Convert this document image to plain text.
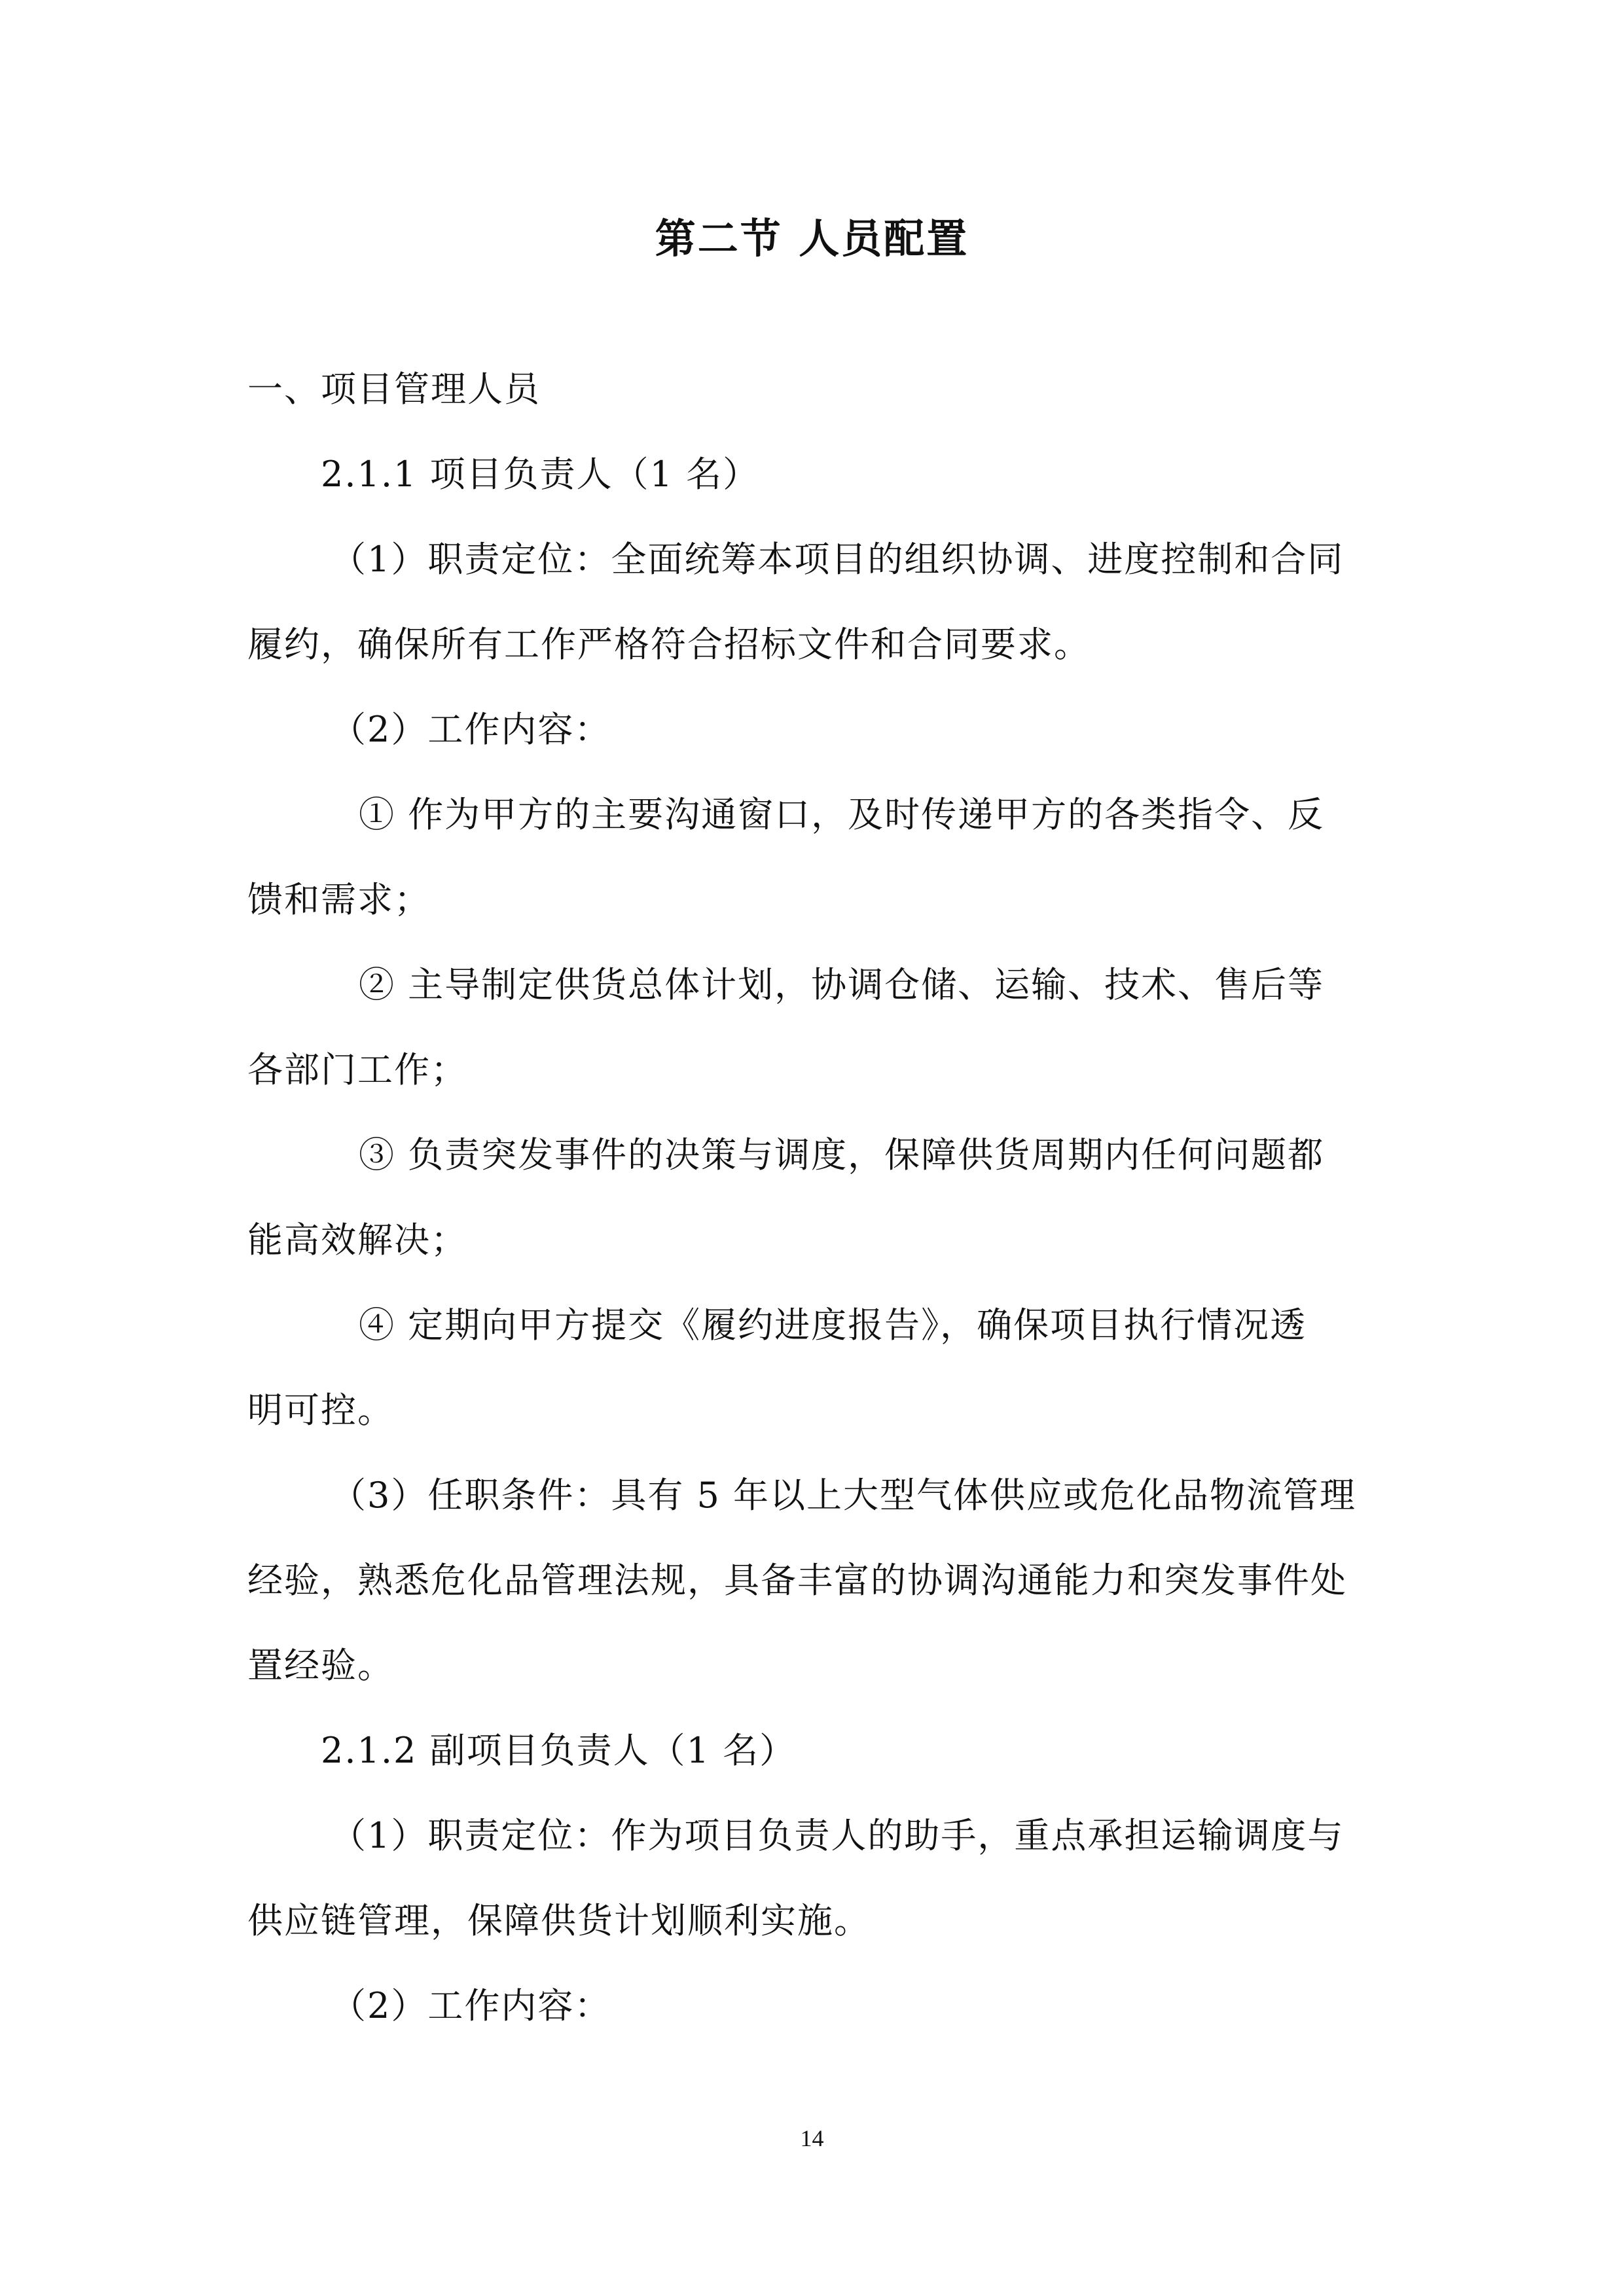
第二节 人员配置
一、项目管理人员
2.1.1 项目负责人（1 名）
（1）职责定位：全面统筹本项目的组织协调、进度控制和合同
履约，确保所有工作严格符合招标文件和合同要求。
（2）工作内容：
① 作为甲方的主要沟通窗口，及时传递甲方的各类指令、反
馈和需求；
② 主导制定供货总体计划，协调仓储、运输、技术、售后等
各部门工作；
③ 负责突发事件的决策与调度，保障供货周期内任何问题都
能高效解决；
④ 定期向甲方提交《履约进度报告》，确保项目执行情况透
明可控。
（3）任职条件：具有 5 年以上大型气体供应或危化品物流管理
经验，熟悉危化品管理法规，具备丰富的协调沟通能力和突发事件处
置经验。
2.1.2 副项目负责人（1 名）
（1）职责定位：作为项目负责人的助手，重点承担运输调度与
供应链管理，保障供货计划顺利实施。
（2）工作内容：
14
